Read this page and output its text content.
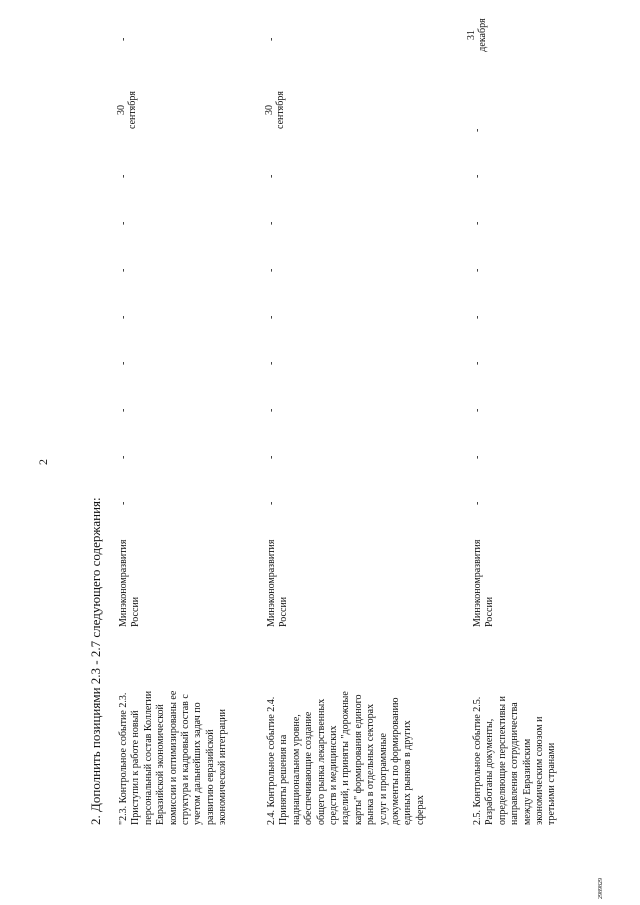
2
2. Дополнить позициями 2.3 - 2.7 следующего содержания: "2.3. Контрольное событие 2.3. Приступил к работе новый персональный состав Коллегии Евразийской экономической комиссии и оптимизированы ее структура и кадровый состав с учетом дальнейших задач по развитию евразийской экономической интеграции
Минэкономразвития России
-
-
-
-
-
-
-
-
30 сентября
-
2.4. Контрольное событие 2.4. Приняты решения на наднациональном уровне, обеспечивающие создание общего рынка лекарственных средств и медицинских изделий, и приняты "дорожные карты" формирования единого рынка в отдельных секторах услуг и программные документы по формированию единых рынков в других сферах
Минэкономразвития России
-
-
-
-
-
-
-
-
30 сентября
-
2.5. Контрольное событие 2.5. Разработаны документы, определяющие перспективы и направления сотрудничества между Евразийским экономическим союзом и третьими странами
Минэкономразвития России
-
-
-
-
-
-
-
-
-
31 декабря
2989829
